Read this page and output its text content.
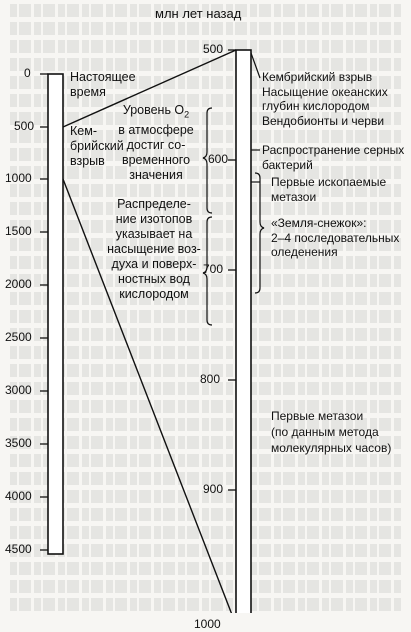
млн лет назад
0
500
1000
1500
2000
2500
3000
3500
4000
4500
Настоящее
время
Кем-
брийский
взрыв
Уровень $O_2$
в атмосфере
достиг со-
временного
значения
Распределе-
ние изотопов
указывает на
насыщение воз-
духа и поверх-
ностных вод
кислородом
500
600
700
800
900
1000
Кембрийский взрыв
Насыщение океанских
глубин кислородом
Вендобионты и черви
Распространение серных
бактерий
Первые ископаемые
метазои
«Земля-снежок»:
2–4 последовательных
оледенения
Первые метазои
(по данным метода
молекулярных часов)
